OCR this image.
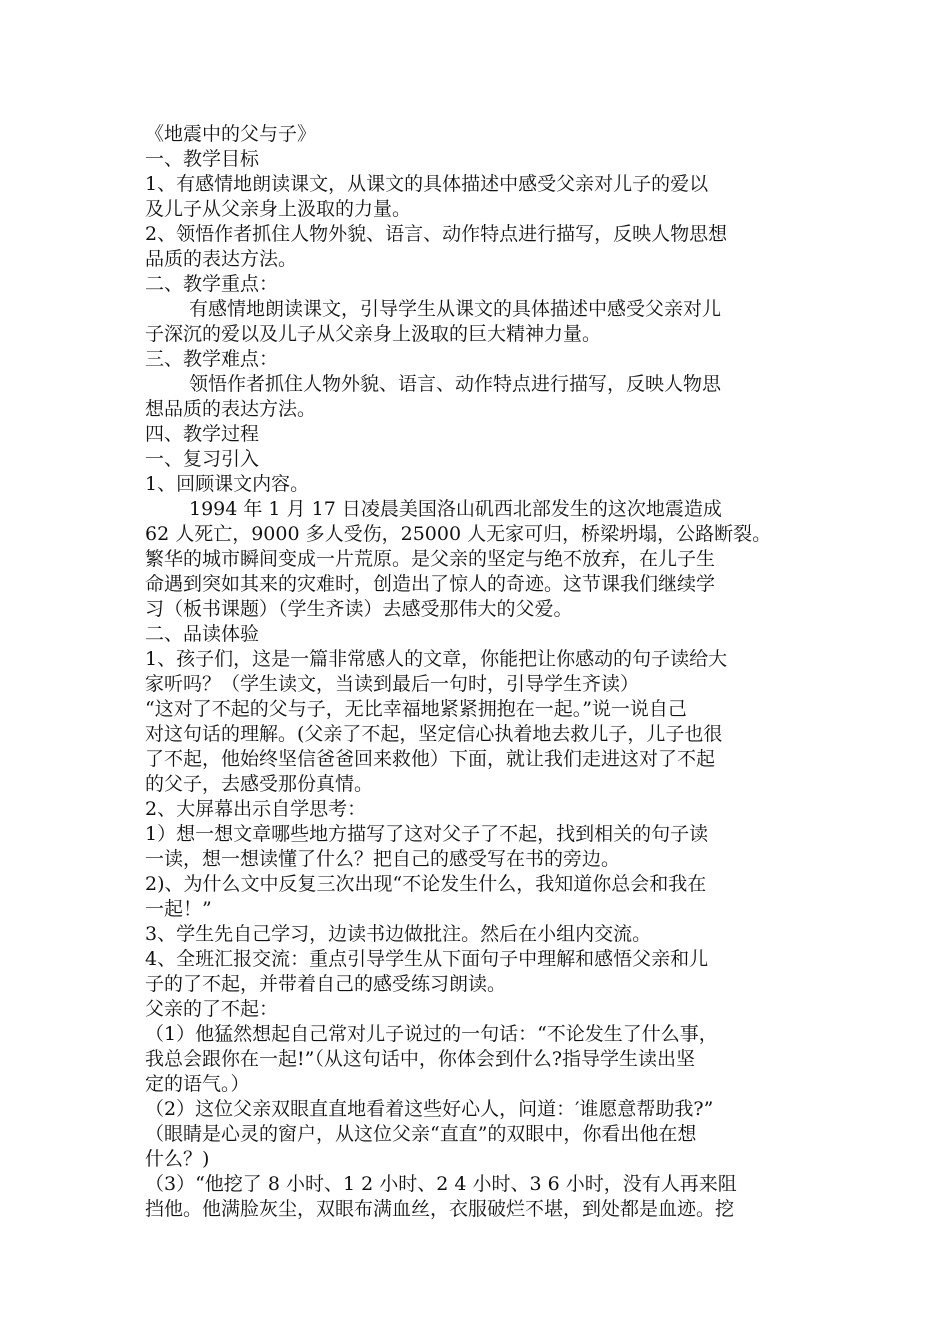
《地震中的父与子》
一、教学目标
1、有感情地朗读课文，从课文的具体描述中感受父亲对儿子的爱以
及儿子从父亲身上汲取的力量。
2、领悟作者抓住人物外貌、语言、动作特点进行描写，反映人物思想
品质的表达方法。
二、教学重点：
有感情地朗读课文，引导学生从课文的具体描述中感受父亲对儿
子深沉的爱以及儿子从父亲身上汲取的巨大精神力量。
三、教学难点：
领悟作者抓住人物外貌、语言、动作特点进行描写，反映人物思
想品质的表达方法。
四、教学过程
一、复习引入
1、回顾课文内容。
1994 年 1 月 17 日凌晨美国洛山矶西北部发生的这次地震造成
62 人死亡，9000 多人受伤，25000 人无家可归，桥梁坍塌，公路断裂。
繁华的城市瞬间变成一片荒原。是父亲的坚定与绝不放弃，在儿子生
命遇到突如其来的灾难时，创造出了惊人的奇迹。这节课我们继续学
习（板书课题）（学生齐读）去感受那伟大的父爱。
二、品读体验
1、孩子们，这是一篇非常感人的文章，你能把让你感动的句子读给大
家听吗？（学生读文，当读到最后一句时，引导学生齐读）
“这对了不起的父与子，无比幸福地紧紧拥抱在一起。”说一说自己
对这句话的理解。(父亲了不起，坚定信心执着地去救儿子，儿子也很
了不起，他始终坚信爸爸回来救他）下面，就让我们走进这对了不起
的父子，去感受那份真情。
2、大屏幕出示自学思考：
1）想一想文章哪些地方描写了这对父子了不起，找到相关的句子读
一读，想一想读懂了什么？把自己的感受写在书的旁边。
2)、为什么文中反复三次出现“不论发生什么，我知道你总会和我在
一起！”
3、学生先自己学习，边读书边做批注。然后在小组内交流。
4、全班汇报交流：重点引导学生从下面句子中理解和感悟父亲和儿
子的了不起，并带着自己的感受练习朗读。
父亲的了不起：
（1）他猛然想起自己常对儿子说过的一句话：“不论发生了什么事，
我总会跟你在一起!”（从这句话中，你体会到什么?指导学生读出坚
定的语气。）
（2）这位父亲双眼直直地看着这些好心人，问道：′谁愿意帮助我?”
（眼睛是心灵的窗户，从这位父亲“直直”的双眼中，你看出他在想
什么？)
（3）“他挖了 8 小时、1 2 小时、2 4 小时、3 6 小时，没有人再来阻
挡他。他满脸灰尘，双眼布满血丝，衣服破烂不堪，到处都是血迹。挖
